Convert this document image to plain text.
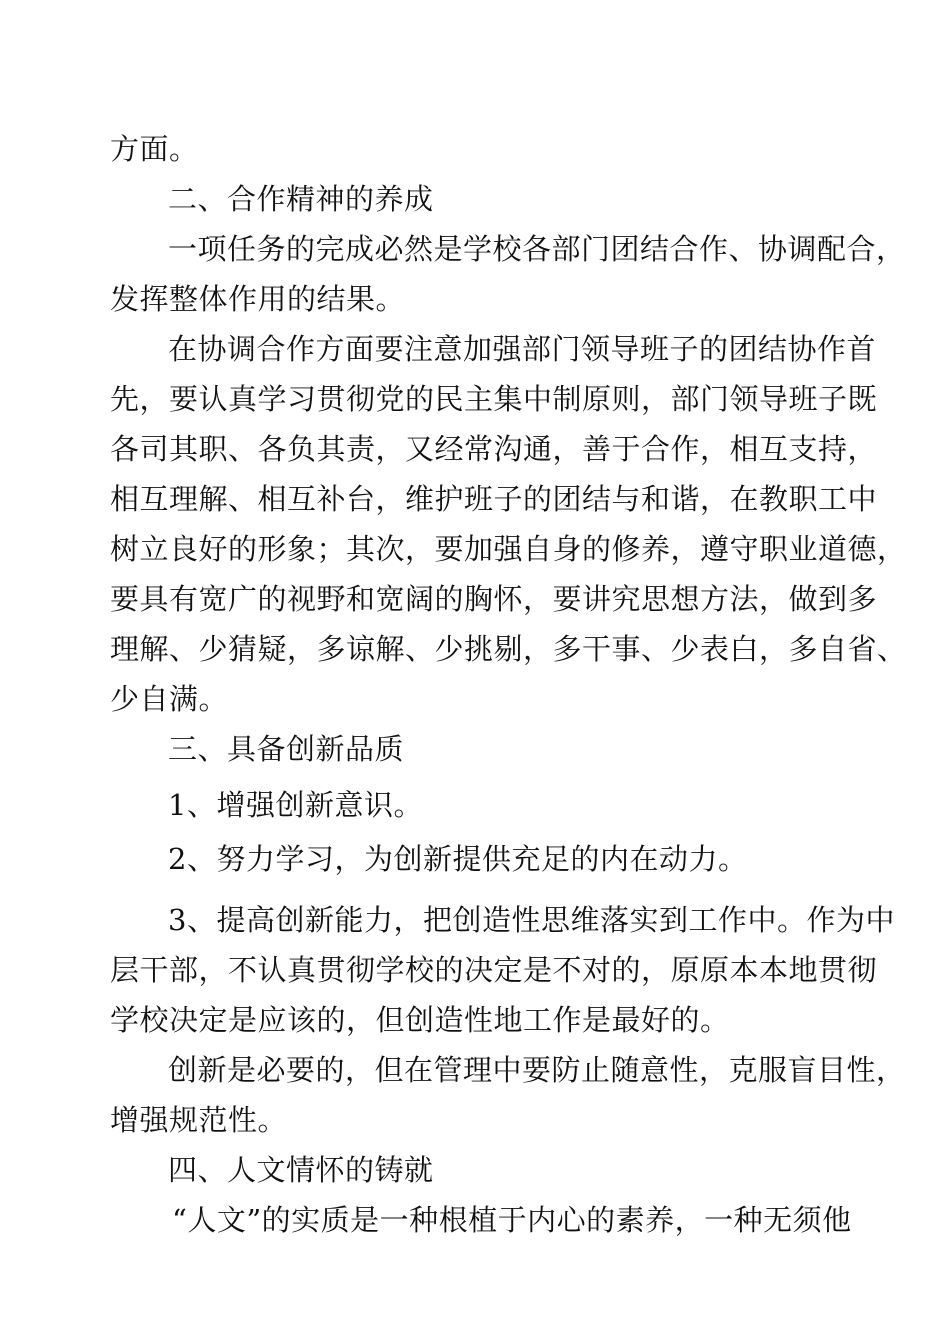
方面。
二、合作精神的养成
一项任务的完成必然是学校各部门团结合作、协调配合，
发挥整体作用的结果。
在协调合作方面要注意加强部门领导班子的团结协作首
先，要认真学习贯彻党的民主集中制原则，部门领导班子既
各司其职、各负其责，又经常沟通，善于合作，相互支持，
相互理解、相互补台，维护班子的团结与和谐，在教职工中
树立良好的形象；其次，要加强自身的修养，遵守职业道德，
要具有宽广的视野和宽阔的胸怀，要讲究思想方法，做到多
理解、少猜疑，多谅解、少挑剔，多干事、少表白，多自省、
少自满。
三、具备创新品质
1、增强创新意识。
2、努力学习，为创新提供充足的内在动力。
3、提高创新能力，把创造性思维落实到工作中。作为中
层干部，不认真贯彻学校的决定是不对的，原原本本地贯彻
学校决定是应该的，但创造性地工作是最好的。
创新是必要的，但在管理中要防止随意性，克服盲目性，
增强规范性。
四、人文情怀的铸就
“人文”的实质是一种根植于内心的素养，一种无须他
